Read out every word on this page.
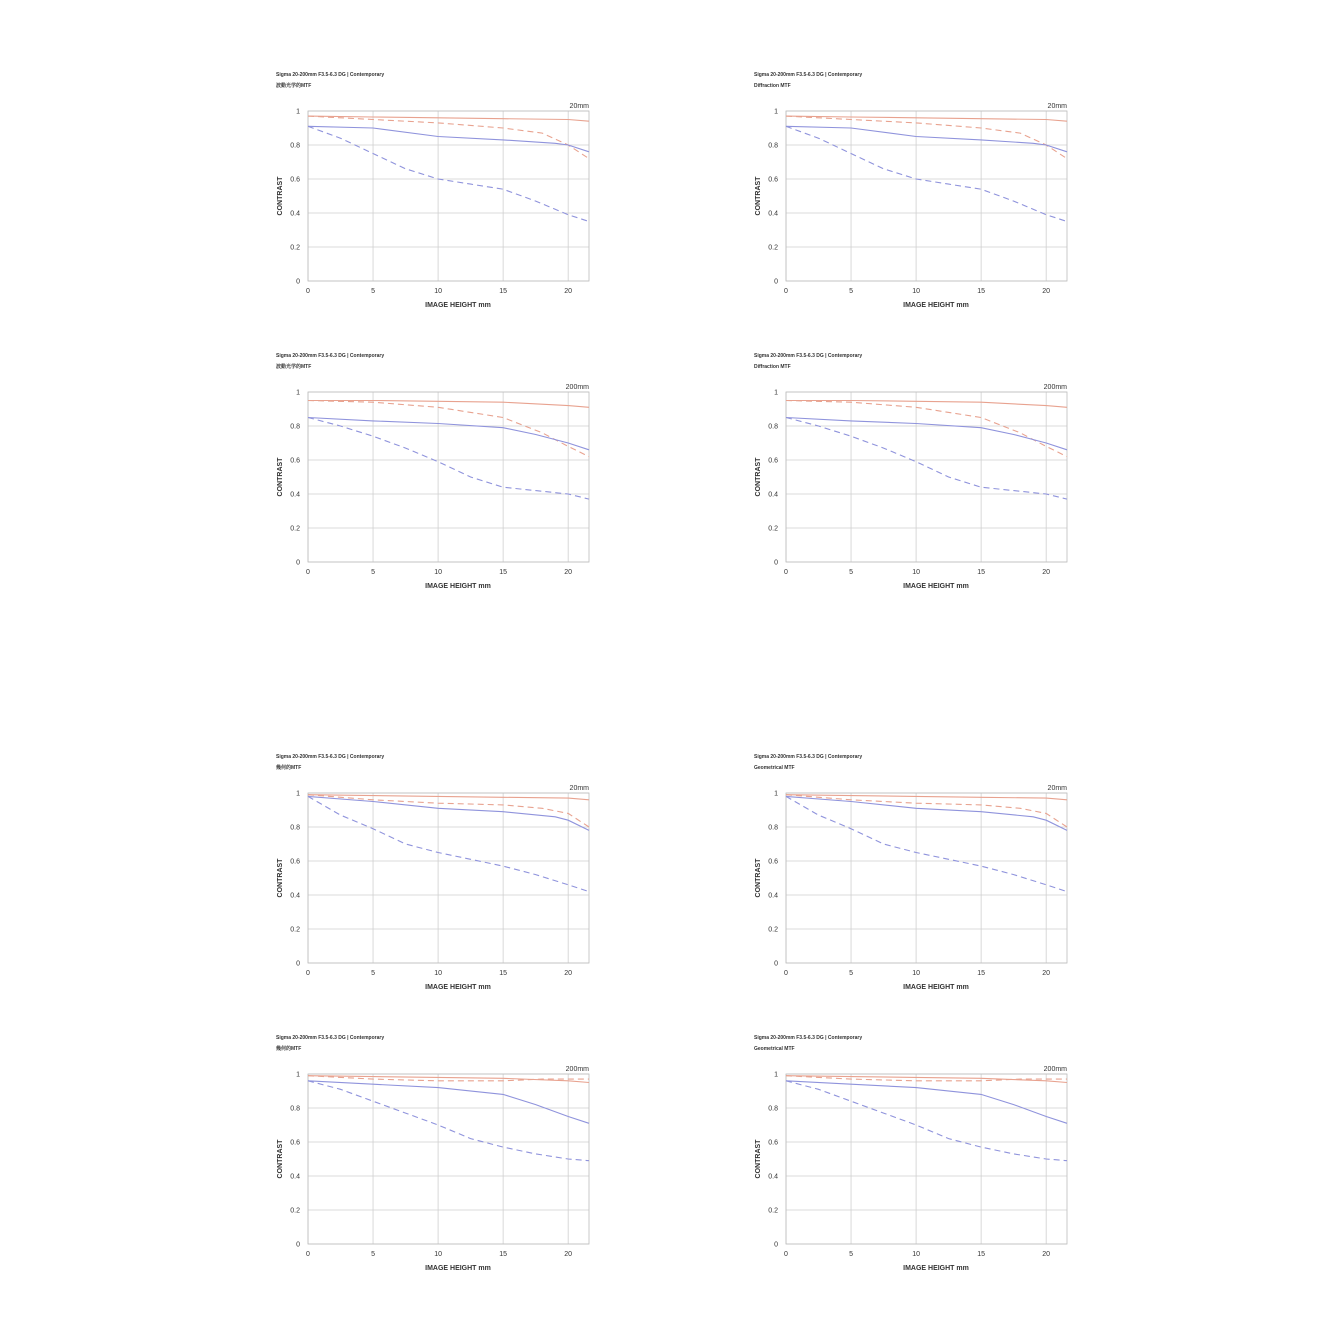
Sigma 20-200mm F3.5-6.3 DG | Contemporary
波動光学的MTF
20mm
0
0.2
0.4
0.6
0.8
1
0	5	10	15	20
IMAGE HEIGHT mm
CONTRAST
Sigma 20-200mm F3.5-6.3 DG | Contemporary
Diffraction MTF
20mm
0
0.2
0.4
0.6
0.8
1
0	5	10	15	20
IMAGE HEIGHT mm
CONTRAST
Sigma 20-200mm F3.5-6.3 DG | Contemporary
波動光学的MTF
200mm
0
0.2
0.4
0.6
0.8
1
0	5	10	15	20
IMAGE HEIGHT mm
CONTRAST
Sigma 20-200mm F3.5-6.3 DG | Contemporary
Diffraction MTF
200mm
0
0.2
0.4
0.6
0.8
1
0	5	10	15	20
IMAGE HEIGHT mm
CONTRAST
Sigma 20-200mm F3.5-6.3 DG | Contemporary
幾何的MTF
20mm
0
0.2
0.4
0.6
0.8
1
0	5	10	15	20
IMAGE HEIGHT mm
CONTRAST
Sigma 20-200mm F3.5-6.3 DG | Contemporary
Geometrical MTF
20mm
0
0.2
0.4
0.6
0.8
1
0	5	10	15	20
IMAGE HEIGHT mm
CONTRAST
Sigma 20-200mm F3.5-6.3 DG | Contemporary
幾何的MTF
200mm
0
0.2
0.4
0.6
0.8
1
0	5	10	15	20
IMAGE HEIGHT mm
CONTRAST
Sigma 20-200mm F3.5-6.3 DG | Contemporary
Geometrical MTF
200mm
0
0.2
0.4
0.6
0.8
1
0	5	10	15	20
IMAGE HEIGHT mm
CONTRAST
